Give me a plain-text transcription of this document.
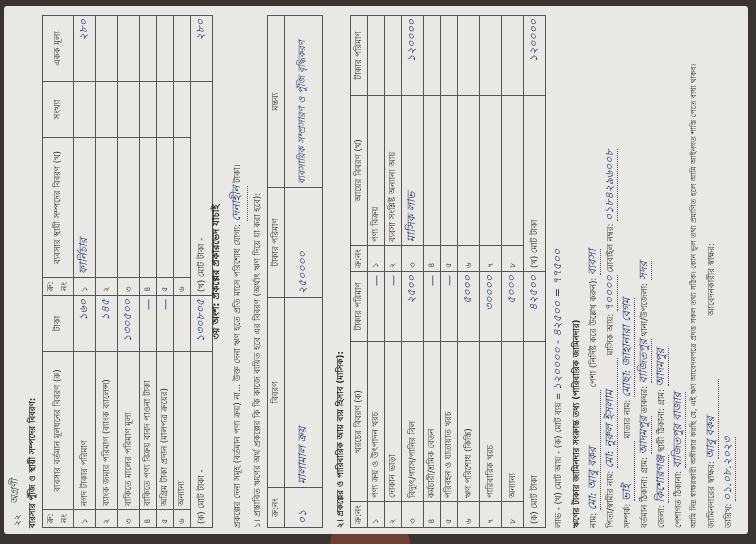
২২
অগ্রণী বারসার পুঁজি ও স্থায়ী সম্পদের বিবরণ: ক্র: নং	ব্যবসার বর্তমান মূলধনের বিবরণ (ক)	টাকা	ক্র: নং	ব্যবসার স্থায়ী সম্পদের বিবরণ (খ)	সংখ্যা	একক মূল্য
১	নগদ টাকার পরিমাণ	১৬০	১	ফার্নিচার		২৮০
২	ব্যাংক জমার পরিমাণ (ব্যাংক ব্যালেন্স)	১৪৫	২			
৩	বাকিতে মালের পরিমাণ মূল্য	১৩০৫০০	৩			
৪	বাকিতে পণ্য বিক্রয় বাবদ পাওনা টাকা	—	৪			
৫	অগ্রিম টাকা প্রদান (মালপত্র ক্রয়ের)	—	৫			
৬	অন্যান্য		৬			
(ক) মোট টাকা -		১৩০৮০৫	(খ) মোট টাকা -			২৮০
৩য় অংশ: প্রকল্পের প্রকারভেদ যাচাই	প্রকল্পের দেনা সমূহ (বর্তমান পণ্য ক্রয়) না... উক্ত দেনা ঋণ হতে প্রতি মাসে পরিশোধ যোগ্য: দেনাহীন টাকা।
১। প্রস্তাবিত ঋণের অর্থ প্রকল্পের কি কি কাজে ব্যয়িত হবে এর বিবরণ (অর্থাৎ ঋণ দিয়ে যা করা হবে): ক্র:নং	বিবরণ	টাকার পরিমাণ	মন্তব্য
০১	মালামাল ক্রয়	২৫০০০০	ব্যবসায়িক সম্প্রসারণ ও পুঁজি বৃদ্ধিকরণ
২। প্রকল্পের ও পারিবারিক আয় ব্যয় হিসাব (মাসিক): ক্র:নং	খরচের বিবরণ (ক)	টাকার পরিমাণ	ক্র:নং	আয়ের বিবরণ (খ)	টাকার পরিমাণ
১	পণ্য ক্রয় ও উৎপাদন খরচ	—	১	পণ্য বিক্রয়	
২	দোকান ভাড়া	—	২	ব্যবসা সংশ্লিষ্ট অন্যান্য আয়	
৩	বিদ্যুৎ/গ্যাস/পানির বিল	২৫০০	৩	মাসিক লাভ	১২০০০০
৪	কর্মচারী/শ্রমিক বেতন	—	৪		
৫	পরিবহন ও যাতায়াত খরচ	—	৫		
৬	ঋণ পরিশোধ (কিস্তি)	৫০০০	৬		
৭	পারিবারিক খরচ	৩০০০০	৭		
৮	অন্যান্য	৫০০০	৮		
(ক) মোট টাকা		৪২৫০০	(খ) মোট টাকা		১২০০০০
লাভ - (খ) মোট আয় - (ক) মোট ব্যয় = ১২০০০০ - ৪২৫০০ = ৭৭৫০০
ঋণের টাকার জামিনদার সংক্রান্ত তথ্য (পারিবারিক জামিনদার) নাম: মো: আবু বকর পেশা (নির্দিষ্ট করে উল্লেখ করুন): ব্যবসা
পিতা/স্বামীর নাম: মো: নুরুল ইসলাম মাসিক আয়: ৭০০০০ মোবাইল নম্বর: ০১৮৪২৯৬০০৮
সম্পর্ক: ভাই মাতার নাম: মোছা: জাহানারা বেগম
বর্তমান ঠিকানা: গ্রাম: আদমপুর ডাকঘর: বাজিতপুর থানা/উপজেলা: সদর
জেলা: কিশোরগঞ্জ স্থায়ী ঠিকানা: গ্রাম: আদমপুর
পেশাগত ঠিকানা: বাজিতপুর বাজার আমি নিম্ন স্বাক্ষরকারী অঙ্গীকার করছি যে, এই ঋণ আবেদনপত্রে প্রদত্ত সকল তথ্য সঠিক। কোন ভুল তথ্য প্রমাণিত হলে আমি আইনগত শাস্তি পেতে বাধ্য থাকব।	জামিনদারের স্বাক্ষর: আবু বকর আবেদনকারীর স্বাক্ষর:
তারিখ: ০১.০৮.২০২৩
